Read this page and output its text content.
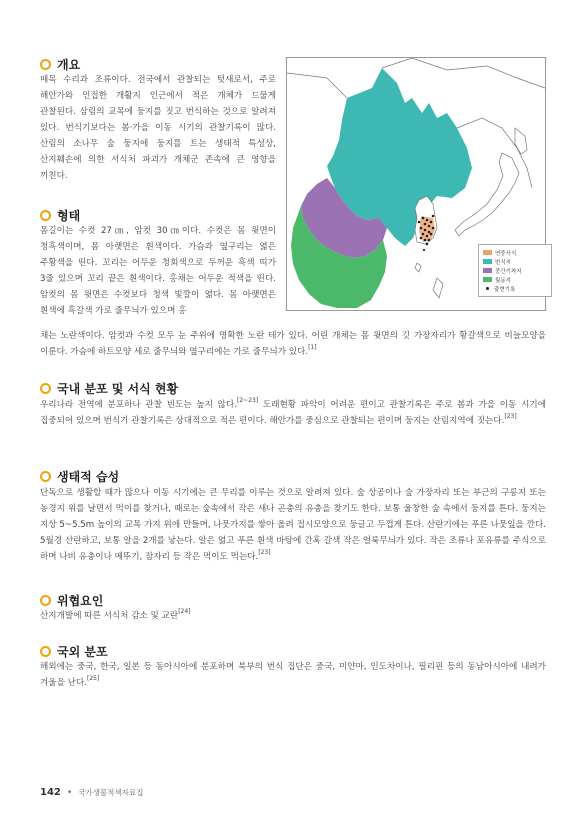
개요
매목 수리과 조류이다. 전국에서 관찰되는 텃새로서, 주로 해안가와 인접한 개활지 인근에서 적은 개체가 드물게 관찰된다. 삼림의 교목에 둥지를 짓고 번식하는 것으로 알려져 있다. 번식기보다는 봄·가을 이동 시기의 관찰기록이 많다. 산림의 소나무 숲 둥지에 둥지를 트는 생태적 특성상, 산지훼손에 의한 서식처 파괴가 개체군 존속에 큰 영향을 끼친다.
연중서식
번식지
중간기착지
월동지
출현기록
형태
몸길이는 수컷 27㎝, 암컷 30㎝이다. 수컷은 몸 윗면이 청흑색이며, 몸 아랫면은 흰색이다. 가슴과 옆구리는 엷은 주황색을 띤다. 꼬리는 어두운 청회색으로 두꺼운 흑색 띠가 3줄 있으며 꼬리 끝은 흰색이다. 홍채는 어두운 적색을 띤다. 암컷의 몸 윗면은 수컷보다 청색 빛깔이 엷다. 몸 아랫면은 흰색에 흑갈색 가로 줄무늬가 있으며 홍
채는 노란색이다. 암컷과 수컷 모두 눈 주위에 명확한 노란 테가 있다. 어린 개체는 몸 윗면의 깃 가장자리가 황갈색으로 비늘모양을 이룬다. 가슴에 하트모양 세로 줄무늬와 옆구리에는 가로 줄무늬가 있다.[1]
국내 분포 및 서식 현황
우리나라 전역에 분포하나 관찰 빈도는 높지 않다.[2~23] 도래현황 파악이 어려운 편이고 관찰기록은 주로 봄과 가을 이동 시기에 집중되어 있으며 번식기 관찰기록은 상대적으로 적은 편이다. 해안가를 중심으로 관찰되는 편이며 둥지는 산림지역에 짓는다.[23]
생태적 습성
단독으로 생활할 때가 많으나 이동 시기에는 큰 무리를 이루는 것으로 알려져 있다. 숲 상공이나 숲 가장자리 또는 부근의 구릉지 또는 농경지 위를 날면서 먹이를 찾거나, 때로는 숲속에서 작은 새나 곤충의 유충을 찾기도 한다. 보통 울창한 숲 속에서 둥지를 튼다. 둥지는 지상 5~5.5m 높이의 교목 가지 위에 만들며, 나뭇가지를 쌓아 올려 접시모양으로 둥글고 두껍게 튼다. 산란기에는 푸른 나뭇잎을 깐다. 5월경 산란하고, 보통 알을 2개를 낳는다. 알은 엷고 푸른 흰색 바탕에 간혹 갈색 작은 얼룩무늬가 있다. 작은 조류나 포유류를 주식으로 하며 나비 유충이나 메뚜기, 잠자리 등 작은 먹이도 먹는다.[23]
위협요인
산지개발에 따른 서식처 감소 및 교란[24]
국외 분포
해외에는 중국, 한국, 일본 등 동아시아에 분포하며 북부의 번식 집단은 중국, 미얀마, 인도차이나, 필리핀 등의 동남아시아에 내려가 겨울을 난다.[25]
142 • 국가생물적색자료집
